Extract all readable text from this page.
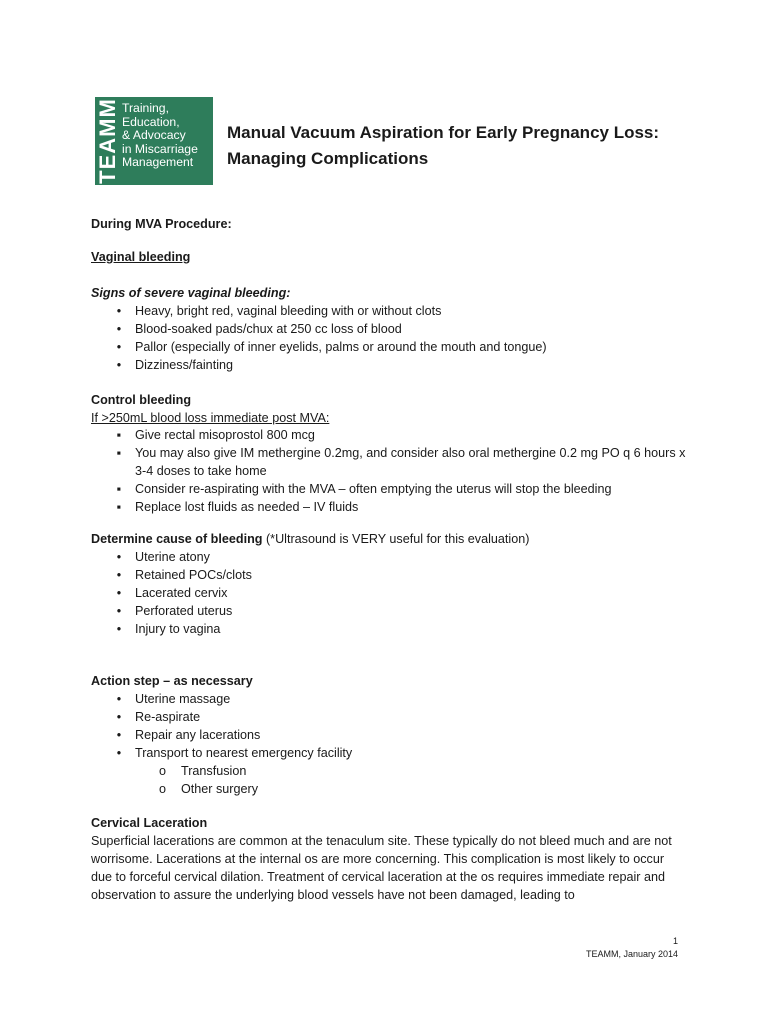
TEAMM Training,
Education,
& Advocacy
in Miscarriage
Management
Manual Vacuum Aspiration for Early Pregnancy Loss:
Managing Complications
During MVA Procedure:
Vaginal bleeding
Signs of severe vaginal bleeding:
•	Heavy, bright red, vaginal bleeding with or without clots
•	Blood-soaked pads/chux at 250 cc loss of blood
•	Pallor (especially of inner eyelids, palms or around the mouth and tongue)
•	Dizziness/fainting
Control bleeding
If >250mL blood loss immediate post MVA:
▪ Give rectal misoprostol 800 mcg
▪ You may also give IM methergine 0.2mg, and consider also oral methergine 0.2 mg PO q 6 hours x 3-4 doses to take home
▪ Consider re-aspirating with the MVA – often emptying the uterus will stop the bleeding
▪ Replace lost fluids as needed – IV fluids
Determine cause of bleeding (*Ultrasound is VERY useful for this evaluation)
•	Uterine atony
•	Retained POCs/clots
•	Lacerated cervix
•	Perforated uterus
•	Injury to vagina
Action step – as necessary
•	Uterine massage
•	Re-aspirate
•	Repair any lacerations
•	Transport to nearest emergency facility
o Transfusion
o Other surgery
Cervical Laceration
Superficial lacerations are common at the tenaculum site. These typically do not bleed much and are not worrisome. Lacerations at the internal os are more concerning. This complication is most likely to occur due to forceful cervical dilation. Treatment of cervical laceration at the os requires immediate repair and observation to assure the underlying blood vessels have not been damaged, leading to
1
TEAMM, January 2014
